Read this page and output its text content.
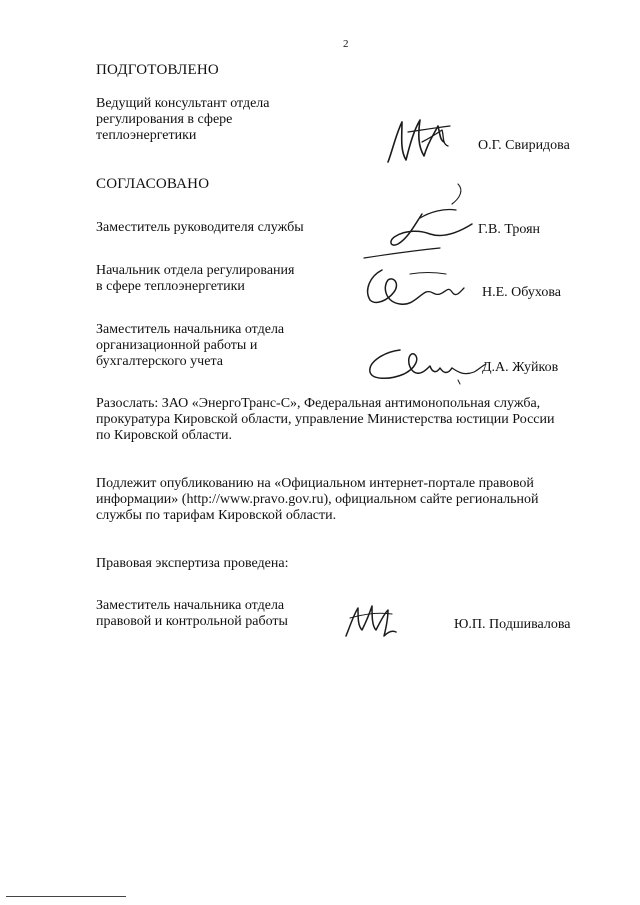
2
ПОДГОТОВЛЕНО
Ведущий консультант отдела
регулирования в сфере
теплоэнергетики
О.Г. Свиридова
СОГЛАСОВАНО
Заместитель руководителя службы	Г.В. Троян
Начальник отдела регулирования
в сфере теплоэнергетики	Н.Е. Обухова
Заместитель начальника отдела
организационной работы и
бухгалтерского учета	Д.А. Жуйков
Разослать: ЗАО «ЭнергоТранс-С», Федеральная антимонопольная служба,
прокуратура Кировской области, управление Министерства юстиции России
по Кировской области.
Подлежит опубликованию на «Официальном интернет-портале правовой
информации» (http://www.pravo.gov.ru), официальном сайте региональной
службы по тарифам Кировской области.
Правовая экспертиза проведена:
Заместитель начальника отдела
правовой и контрольной работы	Ю.П. Подшивалова
